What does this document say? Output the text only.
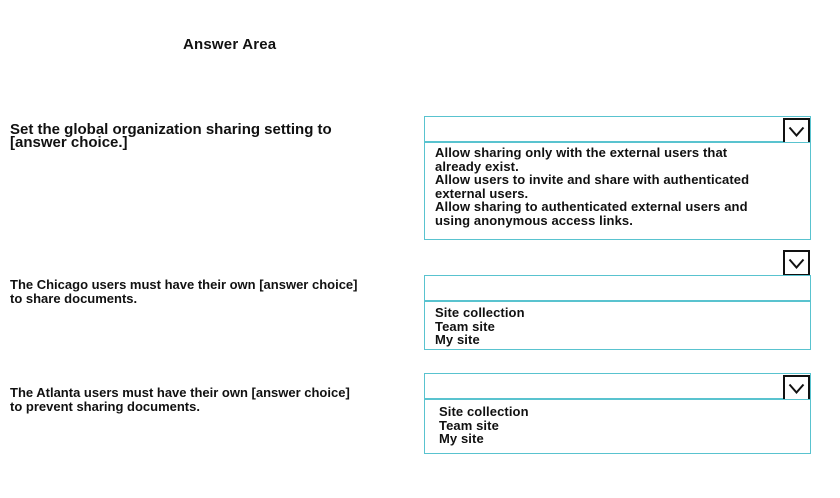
Answer Area
Set the global organization sharing setting to
[answer choice.]
Allow sharing only with the external users that
already exist.
Allow users to invite and share with authenticated
external users.
Allow sharing to authenticated external users and
using anonymous access links.
The Chicago users must have their own [answer choice]
to share documents.
Site collection
Team site
My site
The Atlanta users must have their own [answer choice]
to prevent sharing documents.	Site collection
Team site
My site
